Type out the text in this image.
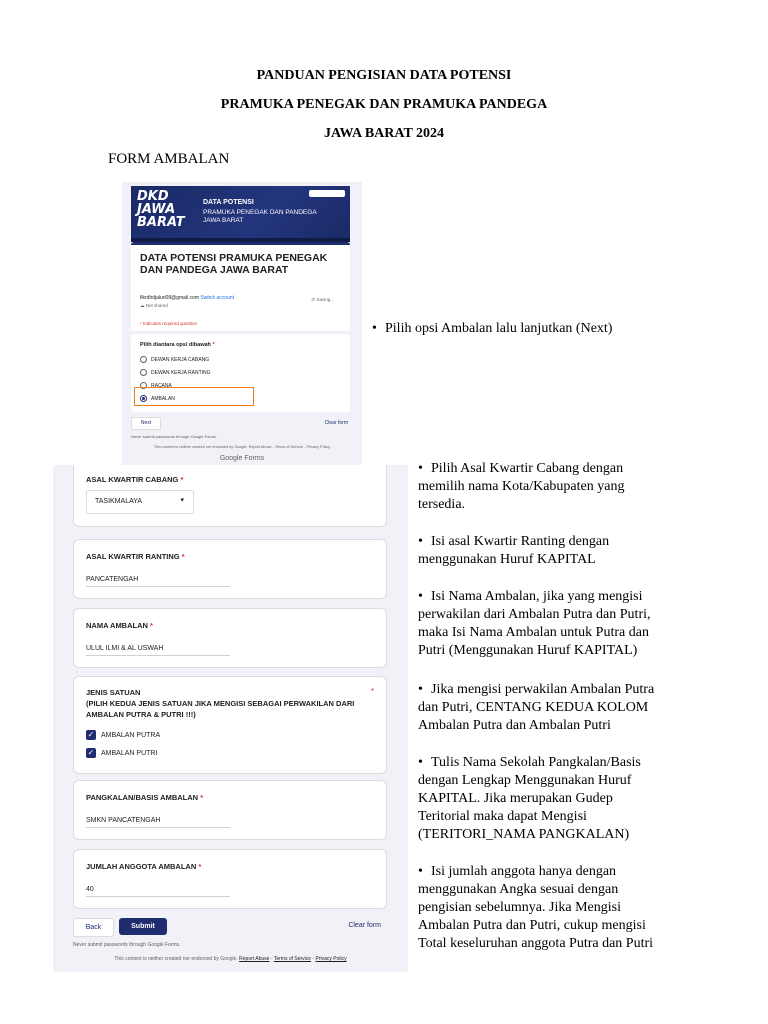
PANDUAN PENGISIAN DATA POTENSI
PRAMUKA PENEGAK DAN PRAMUKA PANDEGA
JAWA BARAT 2024
FORM AMBALAN
DKD JAWA BARAT
DATA POTENSI
PRAMUKA PENEGAK DAN PANDEGA
JAWA BARAT
DATA POTENSI PRAMUKA PENEGAK DAN PANDEGA JAWA BARAT
fikrdhdjaluri09@gmail.com Switch account
☁ Not shared
⟳ Saving...
* Indicates required question
Pilih diantara opsi dibawah *
DEWAN KERJA CABANG
DEWAN KERJA RANTING
RACANA
AMBALAN
Next	Clear form
Never submit passwords through Google Forms.
This content is neither created nor endorsed by Google. Report Abuse - Terms of Service - Privacy Policy
Google Forms
• Pilih opsi Ambalan lalu lanjutkan (Next)
ASAL KWARTIR CABANG *
TASIKMALAYA	▾
ASAL KWARTIR RANTING *
PANCATENGAH
NAMA AMBALAN *
ULUL ILMI & AL USWAH
JENIS SATUAN	*
(PILIH KEDUA JENIS SATUAN JIKA MENGISI SEBAGAI PERWAKILAN DARI AMBALAN PUTRA & PUTRI !!!)
✓ AMBALAN PUTRA
✓ AMBALAN PUTRI
PANGKALAN/BASIS AMBALAN *
SMKN PANCATENGAH
JUMLAH ANGGOTA AMBALAN *
40
Back	Submit	Clear form
Never submit passwords through Google Forms.
This content is neither created nor endorsed by Google. Report Abuse - Terms of Service - Privacy Policy
• Pilih Asal Kwartir Cabang dengan
memilih nama Kota/Kabupaten yang
tersedia.
• Isi asal Kwartir Ranting dengan
menggunakan Huruf KAPITAL
• Isi Nama Ambalan, jika yang mengisi
perwakilan dari Ambalan Putra dan Putri,
maka Isi Nama Ambalan untuk Putra dan
Putri (Menggunakan Huruf KAPITAL)
• Jika mengisi perwakilan Ambalan Putra
dan Putri, CENTANG KEDUA KOLOM
Ambalan Putra dan Ambalan Putri
• Tulis Nama Sekolah Pangkalan/Basis
dengan Lengkap Menggunakan Huruf
KAPITAL. Jika merupakan Gudep
Teritorial maka dapat Mengisi
(TERITORI_NAMA PANGKALAN)
• Isi jumlah anggota hanya dengan
menggunakan Angka sesuai dengan
pengisian sebelumnya. Jika Mengisi
Ambalan Putra dan Putri, cukup mengisi
Total keseluruhan anggota Putra dan Putri
